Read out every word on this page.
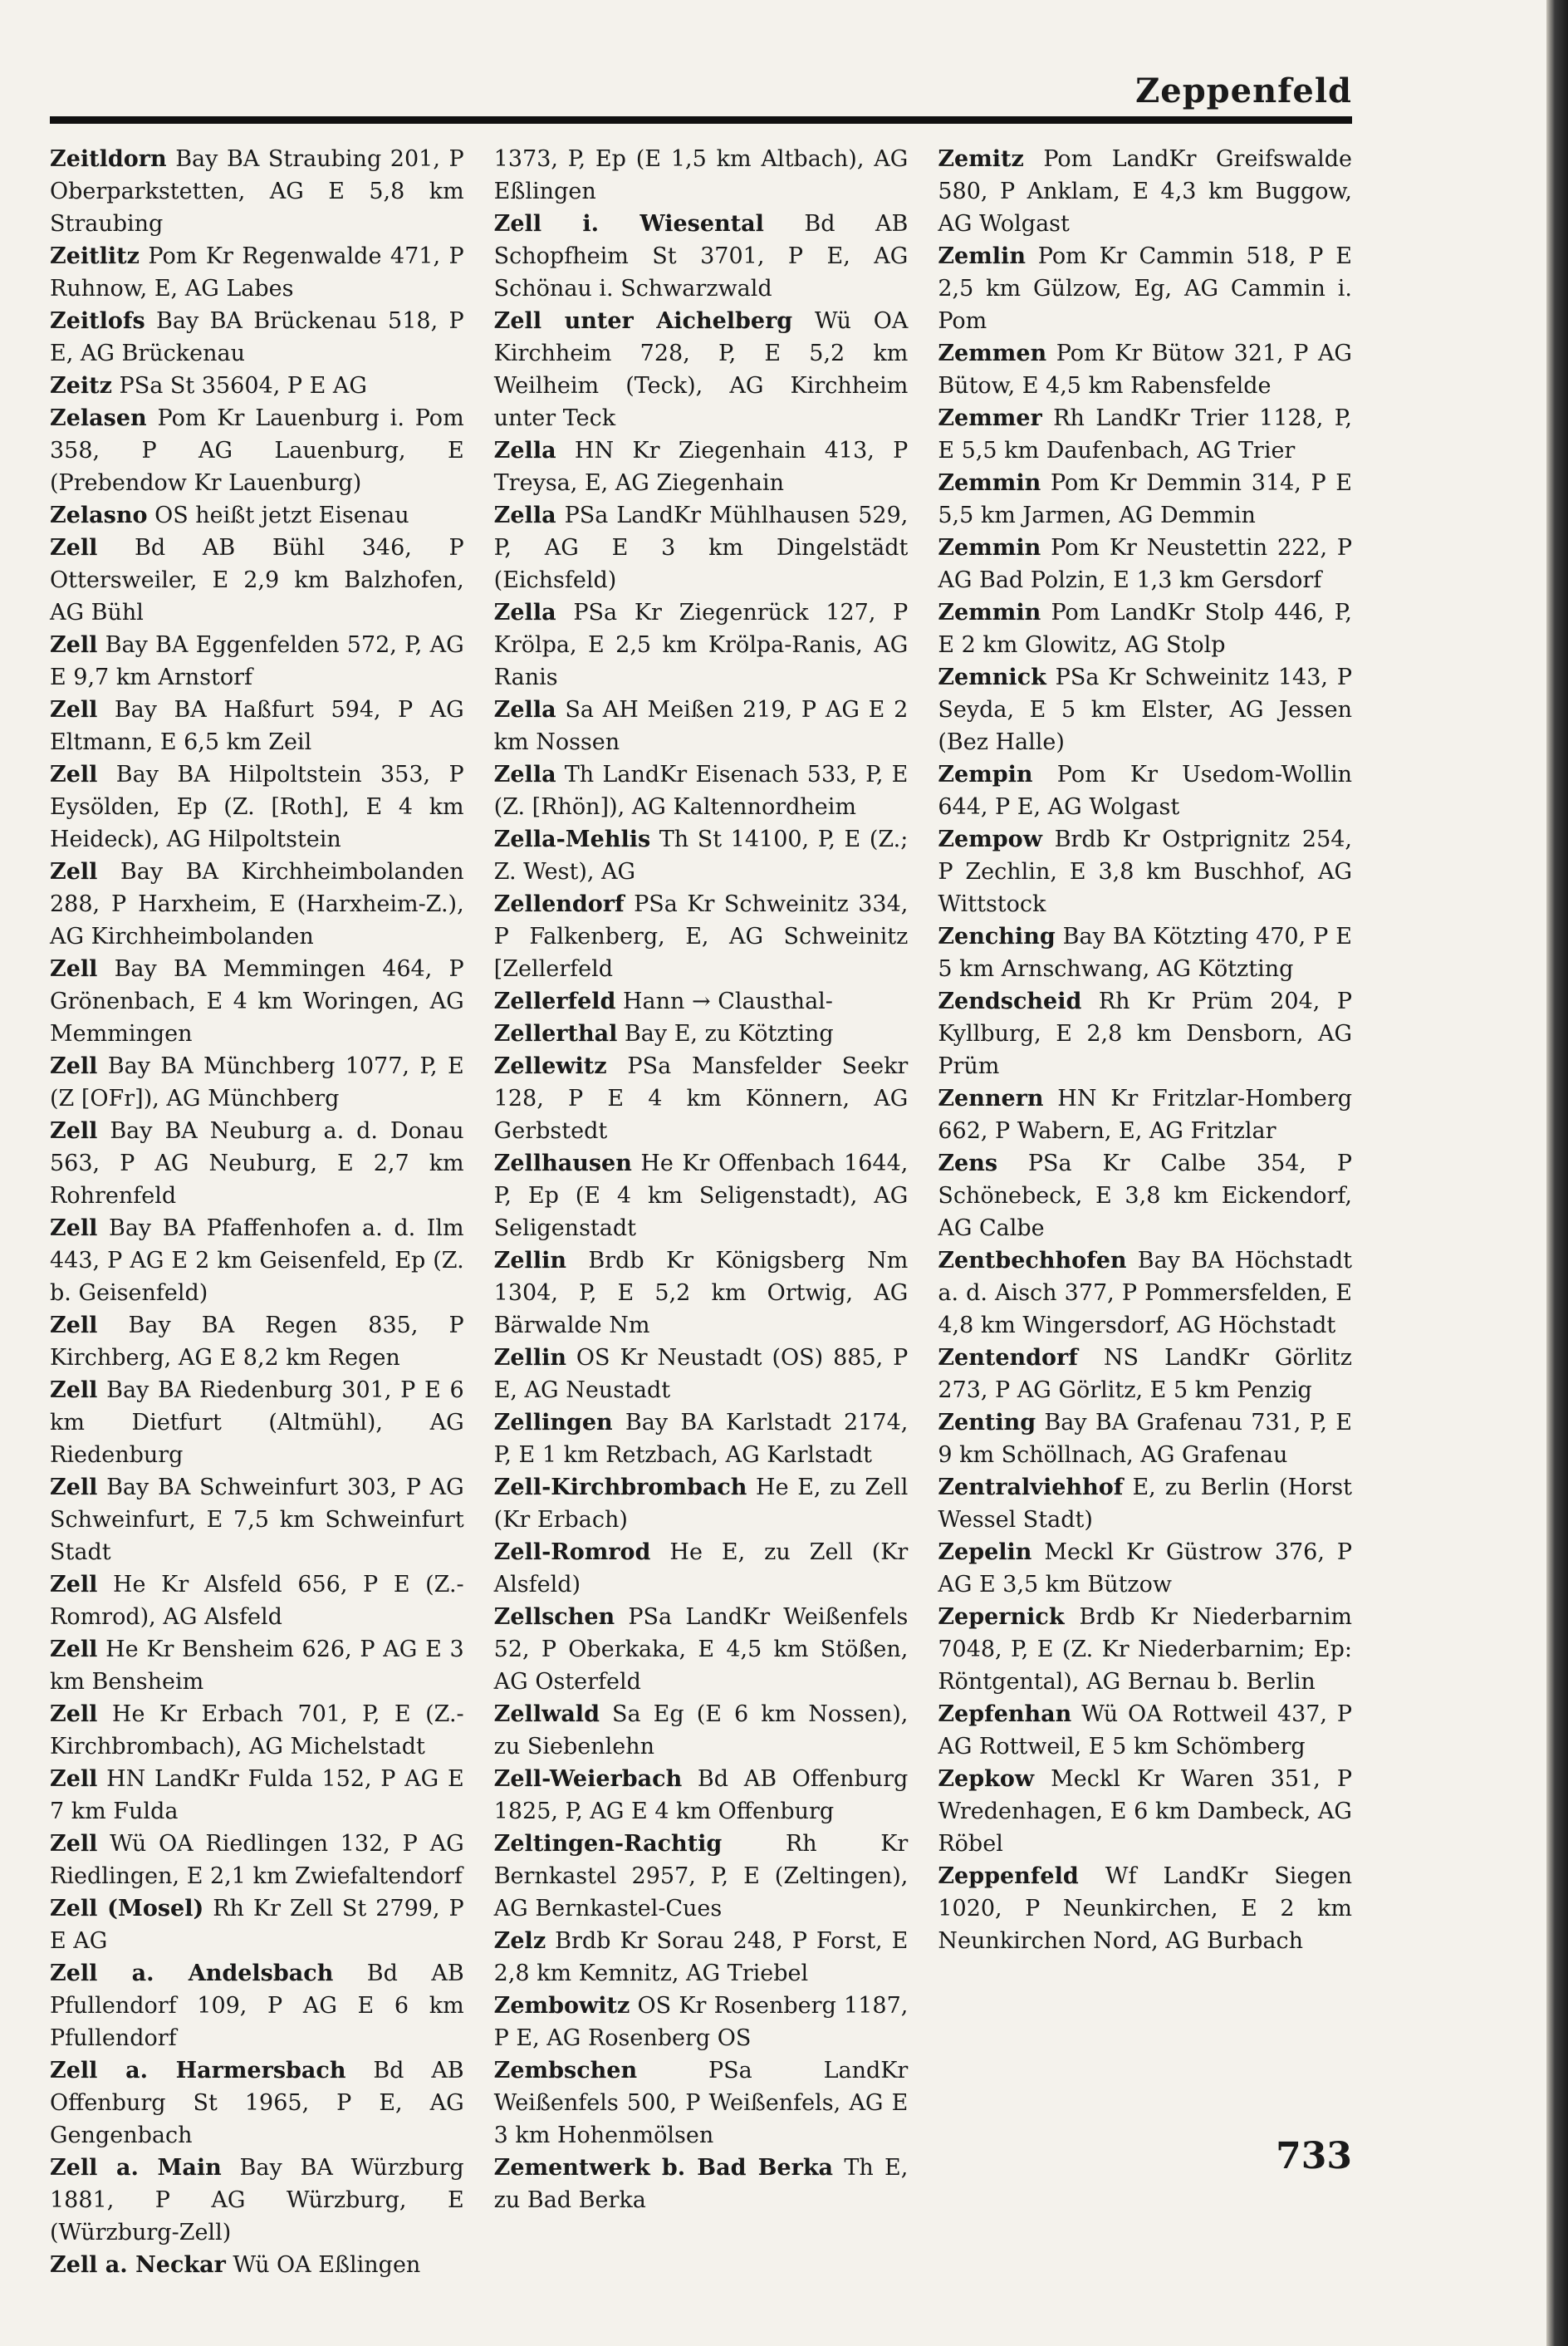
Zeppenfeld
Zeitldorn Bay BA Straubing 201, P Oberparkstetten, AG E 5,8 km Straubing
Zeitlitz Pom Kr Regenwalde 471, P Ruhnow, E, AG Labes
Zeitlofs Bay BA Brückenau 518, P E, AG Brückenau
Zeitz PSa St 35604, P E AG
Zelasen Pom Kr Lauenburg i. Pom 358, P AG Lauenburg, E (Prebendow Kr Lauenburg)
Zelasno OS heißt jetzt Eisenau
Zell Bd AB Bühl 346, P Ottersweiler, E 2,9 km Balzhofen, AG Bühl
Zell Bay BA Eggenfelden 572, P, AG E 9,7 km Arnstorf
Zell Bay BA Haßfurt 594, P AG Eltmann, E 6,5 km Zeil
Zell Bay BA Hilpoltstein 353, P Eysölden, Ep (Z. [Roth], E 4 km Heideck), AG Hilpoltstein
Zell Bay BA Kirchheimbolanden 288, P Harxheim, E (Harxheim-Z.), AG Kirchheimbolanden
Zell Bay BA Memmingen 464, P Grönenbach, E 4 km Woringen, AG Memmingen
Zell Bay BA Münchberg 1077, P, E (Z [OFr]), AG Münchberg
Zell Bay BA Neuburg a. d. Donau 563, P AG Neuburg, E 2,7 km Rohrenfeld
Zell Bay BA Pfaffenhofen a. d. Ilm 443, P AG E 2 km Geisenfeld, Ep (Z. b. Geisenfeld)
Zell Bay BA Regen 835, P Kirchberg, AG E 8,2 km Regen
Zell Bay BA Riedenburg 301, P E 6 km Dietfurt (Altmühl), AG Riedenburg
Zell Bay BA Schweinfurt 303, P AG Schweinfurt, E 7,5 km Schweinfurt Stadt
Zell He Kr Alsfeld 656, P E (Z.-Romrod), AG Alsfeld
Zell He Kr Bensheim 626, P AG E 3 km Bensheim
Zell He Kr Erbach 701, P, E (Z.-Kirchbrombach), AG Michelstadt
Zell HN LandKr Fulda 152, P AG E 7 km Fulda
Zell Wü OA Riedlingen 132, P AG Riedlingen, E 2,1 km Zwiefaltendorf
Zell (Mosel) Rh Kr Zell St 2799, P E AG
Zell a. Andelsbach Bd AB Pfullendorf 109, P AG E 6 km Pfullendorf
Zell a. Harmersbach Bd AB Offenburg St 1965, P E, AG Gengenbach
Zell a. Main Bay BA Würzburg 1881, P AG Würzburg, E (Würzburg-Zell)
Zell a. Neckar Wü OA Eßlingen
1373, P, Ep (E 1,5 km Altbach), AG Eßlingen
Zell i. Wiesental Bd AB Schopfheim St 3701, P E, AG Schönau i. Schwarzwald
Zell unter Aichelberg Wü OA Kirchheim 728, P, E 5,2 km Weilheim (Teck), AG Kirchheim unter Teck
Zella HN Kr Ziegenhain 413, P Treysa, E, AG Ziegenhain
Zella PSa LandKr Mühlhausen 529, P, AG E 3 km Dingelstädt (Eichsfeld)
Zella PSa Kr Ziegenrück 127, P Krölpa, E 2,5 km Krölpa-Ranis, AG Ranis
Zella Sa AH Meißen 219, P AG E 2 km Nossen
Zella Th LandKr Eisenach 533, P, E (Z. [Rhön]), AG Kaltennordheim
Zella-Mehlis Th St 14100, P, E (Z.; Z. West), AG
Zellendorf PSa Kr Schweinitz 334, P Falkenberg, E, AG Schweinitz [Zellerfeld
Zellerfeld Hann → Clausthal-
Zellerthal Bay E, zu Kötzting
Zellewitz PSa Mansfelder Seekr 128, P E 4 km Könnern, AG Gerbstedt
Zellhausen He Kr Offenbach 1644, P, Ep (E 4 km Seligenstadt), AG Seligenstadt
Zellin Brdb Kr Königsberg Nm 1304, P, E 5,2 km Ortwig, AG Bärwalde Nm
Zellin OS Kr Neustadt (OS) 885, P E, AG Neustadt
Zellingen Bay BA Karlstadt 2174, P, E 1 km Retzbach, AG Karlstadt
Zell-Kirchbrombach He E, zu Zell (Kr Erbach)
Zell-Romrod He E, zu Zell (Kr Alsfeld)
Zellschen PSa LandKr Weißenfels 52, P Oberkaka, E 4,5 km Stößen, AG Osterfeld
Zellwald Sa Eg (E 6 km Nossen), zu Siebenlehn
Zell-Weierbach Bd AB Offenburg 1825, P, AG E 4 km Offenburg
Zeltingen-Rachtig Rh Kr Bernkastel 2957, P, E (Zeltingen), AG Bernkastel-Cues
Zelz Brdb Kr Sorau 248, P Forst, E 2,8 km Kemnitz, AG Triebel
Zembowitz OS Kr Rosenberg 1187, P E, AG Rosenberg OS
Zembschen PSa LandKr Weißenfels 500, P Weißenfels, AG E 3 km Hohenmölsen
Zementwerk b. Bad Berka Th E, zu Bad Berka
Zemitz Pom LandKr Greifswalde 580, P Anklam, E 4,3 km Buggow, AG Wolgast
Zemlin Pom Kr Cammin 518, P E 2,5 km Gülzow, Eg, AG Cammin i. Pom
Zemmen Pom Kr Bütow 321, P AG Bütow, E 4,5 km Rabensfelde
Zemmer Rh LandKr Trier 1128, P, E 5,5 km Daufenbach, AG Trier
Zemmin Pom Kr Demmin 314, P E 5,5 km Jarmen, AG Demmin
Zemmin Pom Kr Neustettin 222, P AG Bad Polzin, E 1,3 km Gersdorf
Zemmin Pom LandKr Stolp 446, P, E 2 km Glowitz, AG Stolp
Zemnick PSa Kr Schweinitz 143, P Seyda, E 5 km Elster, AG Jessen (Bez Halle)
Zempin Pom Kr Usedom-Wollin 644, P E, AG Wolgast
Zempow Brdb Kr Ostprignitz 254, P Zechlin, E 3,8 km Buschhof, AG Wittstock
Zenching Bay BA Kötzting 470, P E 5 km Arnschwang, AG Kötzting
Zendscheid Rh Kr Prüm 204, P Kyllburg, E 2,8 km Densborn, AG Prüm
Zennern HN Kr Fritzlar-Homberg 662, P Wabern, E, AG Fritzlar
Zens PSa Kr Calbe 354, P Schönebeck, E 3,8 km Eickendorf, AG Calbe
Zentbechhofen Bay BA Höchstadt a. d. Aisch 377, P Pommersfelden, E 4,8 km Wingersdorf, AG Höchstadt
Zentendorf NS LandKr Görlitz 273, P AG Görlitz, E 5 km Penzig
Zenting Bay BA Grafenau 731, P, E 9 km Schöllnach, AG Grafenau
Zentralviehhof E, zu Berlin (Horst Wessel Stadt)
Zepelin Meckl Kr Güstrow 376, P AG E 3,5 km Bützow
Zepernick Brdb Kr Niederbarnim 7048, P, E (Z. Kr Niederbarnim; Ep: Röntgental), AG Bernau b. Berlin
Zepfenhan Wü OA Rottweil 437, P AG Rottweil, E 5 km Schömberg
Zepkow Meckl Kr Waren 351, P Wredenhagen, E 6 km Dambeck, AG Röbel
Zeppenfeld Wf LandKr Siegen 1020, P Neunkirchen, E 2 km Neunkirchen Nord, AG Burbach
733
